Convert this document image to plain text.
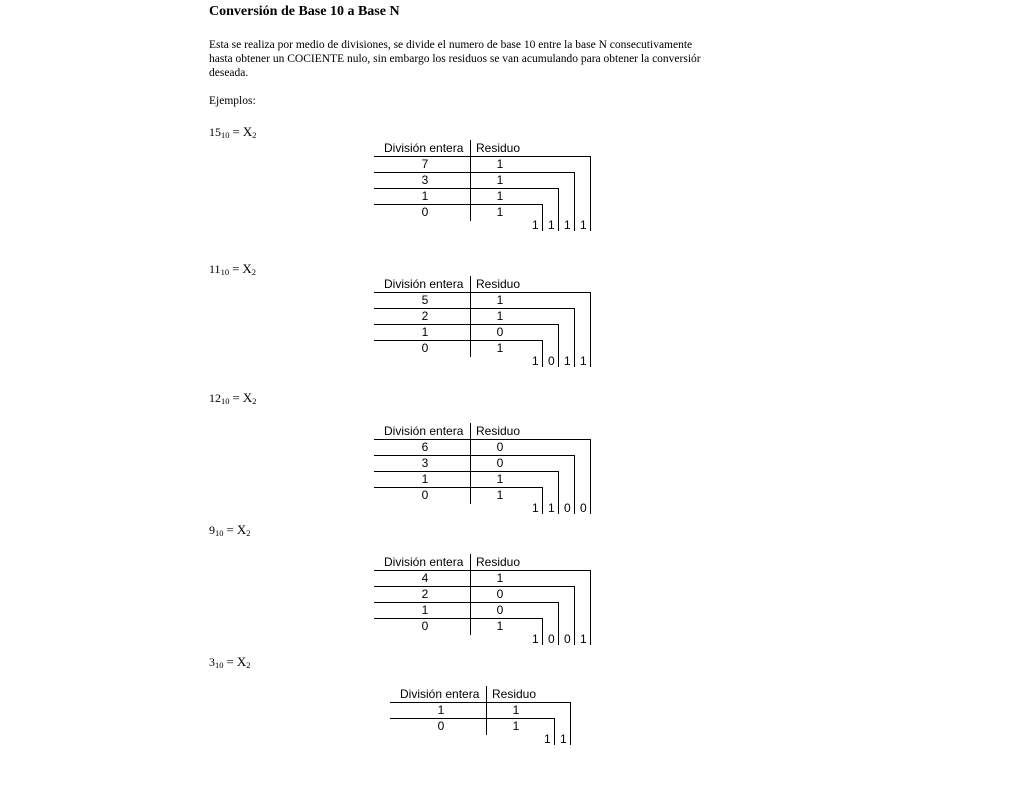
Conversión de Base 10 a Base N
Esta se realiza por medio de divisiones, se divide el numero de base 10 entre la base N consecutivamente
hasta obtener un COCIENTE nulo, sin embargo los residuos se van acumulando para obtener la conversiór
deseada.
Ejemplos:
$15_{10} = X_2$
$11_{10} = X_2$
$12_{10} = X_2$
$9_{10} = X_2$
$3_{10} = X_2$
División entera Residuo
7	1
3	1
1	1
0	1
1 1 1 1
División entera Residuo
5	1
2	1
1	0
0	1
1 0 1 1
División entera Residuo
6	0
3	0
1	1
0	1
1 1 0 0
División entera Residuo
4	1
2	0
1	0
0	1
1 0 0 1
División entera Residuo
1	1
0	1
1 1
